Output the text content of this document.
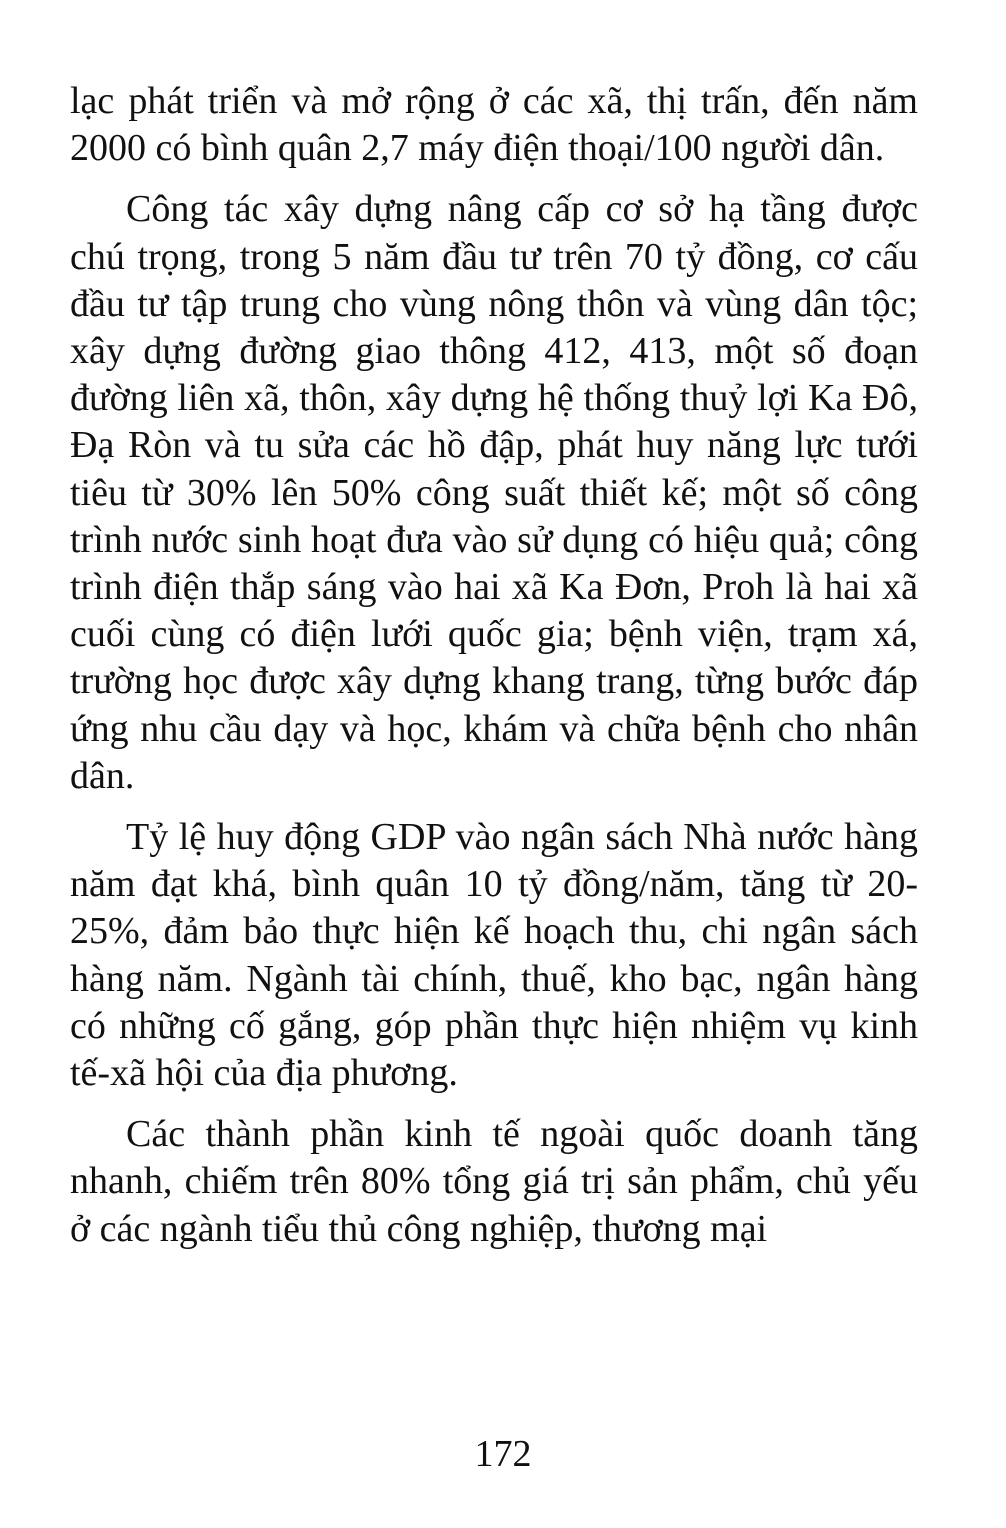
lạc phát triển và mở rộng ở các xã, thị trấn, đến năm 2000 có bình quân 2,7 máy điện thoại/100 người dân.

Công tác xây dựng nâng cấp cơ sở hạ tầng được chú trọng, trong 5 năm đầu tư trên 70 tỷ đồng, cơ cấu đầu tư tập trung cho vùng nông thôn và vùng dân tộc; xây dựng đường giao thông 412, 413, một số đoạn đường liên xã, thôn, xây dựng hệ thống thuỷ lợi Ka Đô, Đạ Ròn và tu sửa các hồ đập, phát huy năng lực tưới tiêu từ 30% lên 50% công suất thiết kế; một số công trình nước sinh hoạt đưa vào sử dụng có hiệu quả; công trình điện thắp sáng vào hai xã Ka Đơn, Proh là hai xã cuối cùng có điện lưới quốc gia; bệnh viện, trạm xá, trường học được xây dựng khang trang, từng bước đáp ứng nhu cầu dạy và học, khám và chữa bệnh cho nhân dân.

Tỷ lệ huy động GDP vào ngân sách Nhà nước hàng năm đạt khá, bình quân 10 tỷ đồng/năm, tăng từ 20-25%, đảm bảo thực hiện kế hoạch thu, chi ngân sách hàng năm. Ngành tài chính, thuế, kho bạc, ngân hàng có những cố gắng, góp phần thực hiện nhiệm vụ kinh tế-xã hội của địa phương.

Các thành phần kinh tế ngoài quốc doanh tăng nhanh, chiếm trên 80% tổng giá trị sản phẩm, chủ yếu ở các ngành tiểu thủ công nghiệp, thương mại

172
